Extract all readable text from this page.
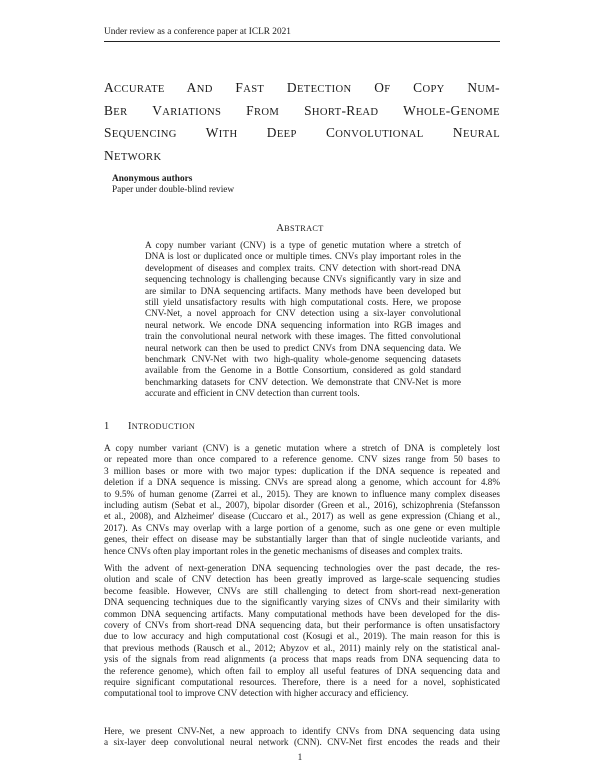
Under review as a conference paper at ICLR 2021
ACCURATE AND FAST DETECTION OF COPY NUM-
BER VARIATIONS FROM SHORT-READ WHOLE-GENOME
SEQUENCING WITH DEEP CONVOLUTIONAL NEURAL
NETWORK
Anonymous authors
Paper under double-blind review
ABSTRACT
A copy number variant (CNV) is a type of genetic mutation where a stretch of
DNA is lost or duplicated once or multiple times. CNVs play important roles in the
development of diseases and complex traits. CNV detection with short-read DNA
sequencing technology is challenging because CNVs significantly vary in size and
are similar to DNA sequencing artifacts. Many methods have been developed but
still yield unsatisfactory results with high computational costs. Here, we propose
CNV-Net, a novel approach for CNV detection using a six-layer convolutional
neural network. We encode DNA sequencing information into RGB images and
train the convolutional neural network with these images. The fitted convolutional
neural network can then be used to predict CNVs from DNA sequencing data. We
benchmark CNV-Net with two high-quality whole-genome sequencing datasets
available from the Genome in a Bottle Consortium, considered as gold standard
benchmarking datasets for CNV detection. We demonstrate that CNV-Net is more
accurate and efficient in CNV detection than current tools.
1 INTRODUCTION
A copy number variant (CNV) is a genetic mutation where a stretch of DNA is completely lost
or repeated more than once compared to a reference genome. CNV sizes range from 50 bases to
3 million bases or more with two major types: duplication if the DNA sequence is repeated and
deletion if a DNA sequence is missing. CNVs are spread along a genome, which account for 4.8%
to 9.5% of human genome (Zarrei et al., 2015). They are known to influence many complex diseases
including autism (Sebat et al., 2007), bipolar disorder (Green et al., 2016), schizophrenia (Stefansson
et al., 2008), and Alzheimer' disease (Cuccaro et al., 2017) as well as gene expression (Chiang et al.,
2017). As CNVs may overlap with a large portion of a genome, such as one gene or even multiple
genes, their effect on disease may be substantially larger than that of single nucleotide variants, and
hence CNVs often play important roles in the genetic mechanisms of diseases and complex traits.
With the advent of next-generation DNA sequencing technologies over the past decade, the res-
olution and scale of CNV detection has been greatly improved as large-scale sequencing studies
become feasible. However, CNVs are still challenging to detect from short-read next-generation
DNA sequencing techniques due to the significantly varying sizes of CNVs and their similarity with
common DNA sequencing artifacts. Many computational methods have been developed for the dis-
covery of CNVs from short-read DNA sequencing data, but their performance is often unsatisfactory
due to low accuracy and high computational cost (Kosugi et al., 2019). The main reason for this is
that previous methods (Rausch et al., 2012; Abyzov et al., 2011) mainly rely on the statistical anal-
ysis of the signals from read alignments (a process that maps reads from DNA sequencing data to
the reference genome), which often fail to employ all useful features of DNA sequencing data and
require significant computational resources. Therefore, there is a need for a novel, sophisticated
computational tool to improve CNV detection with higher accuracy and efficiency.
Here, we present CNV-Net, a new approach to identify CNVs from DNA sequencing data using
a six-layer deep convolutional neural network (CNN). CNV-Net first encodes the reads and their
1
